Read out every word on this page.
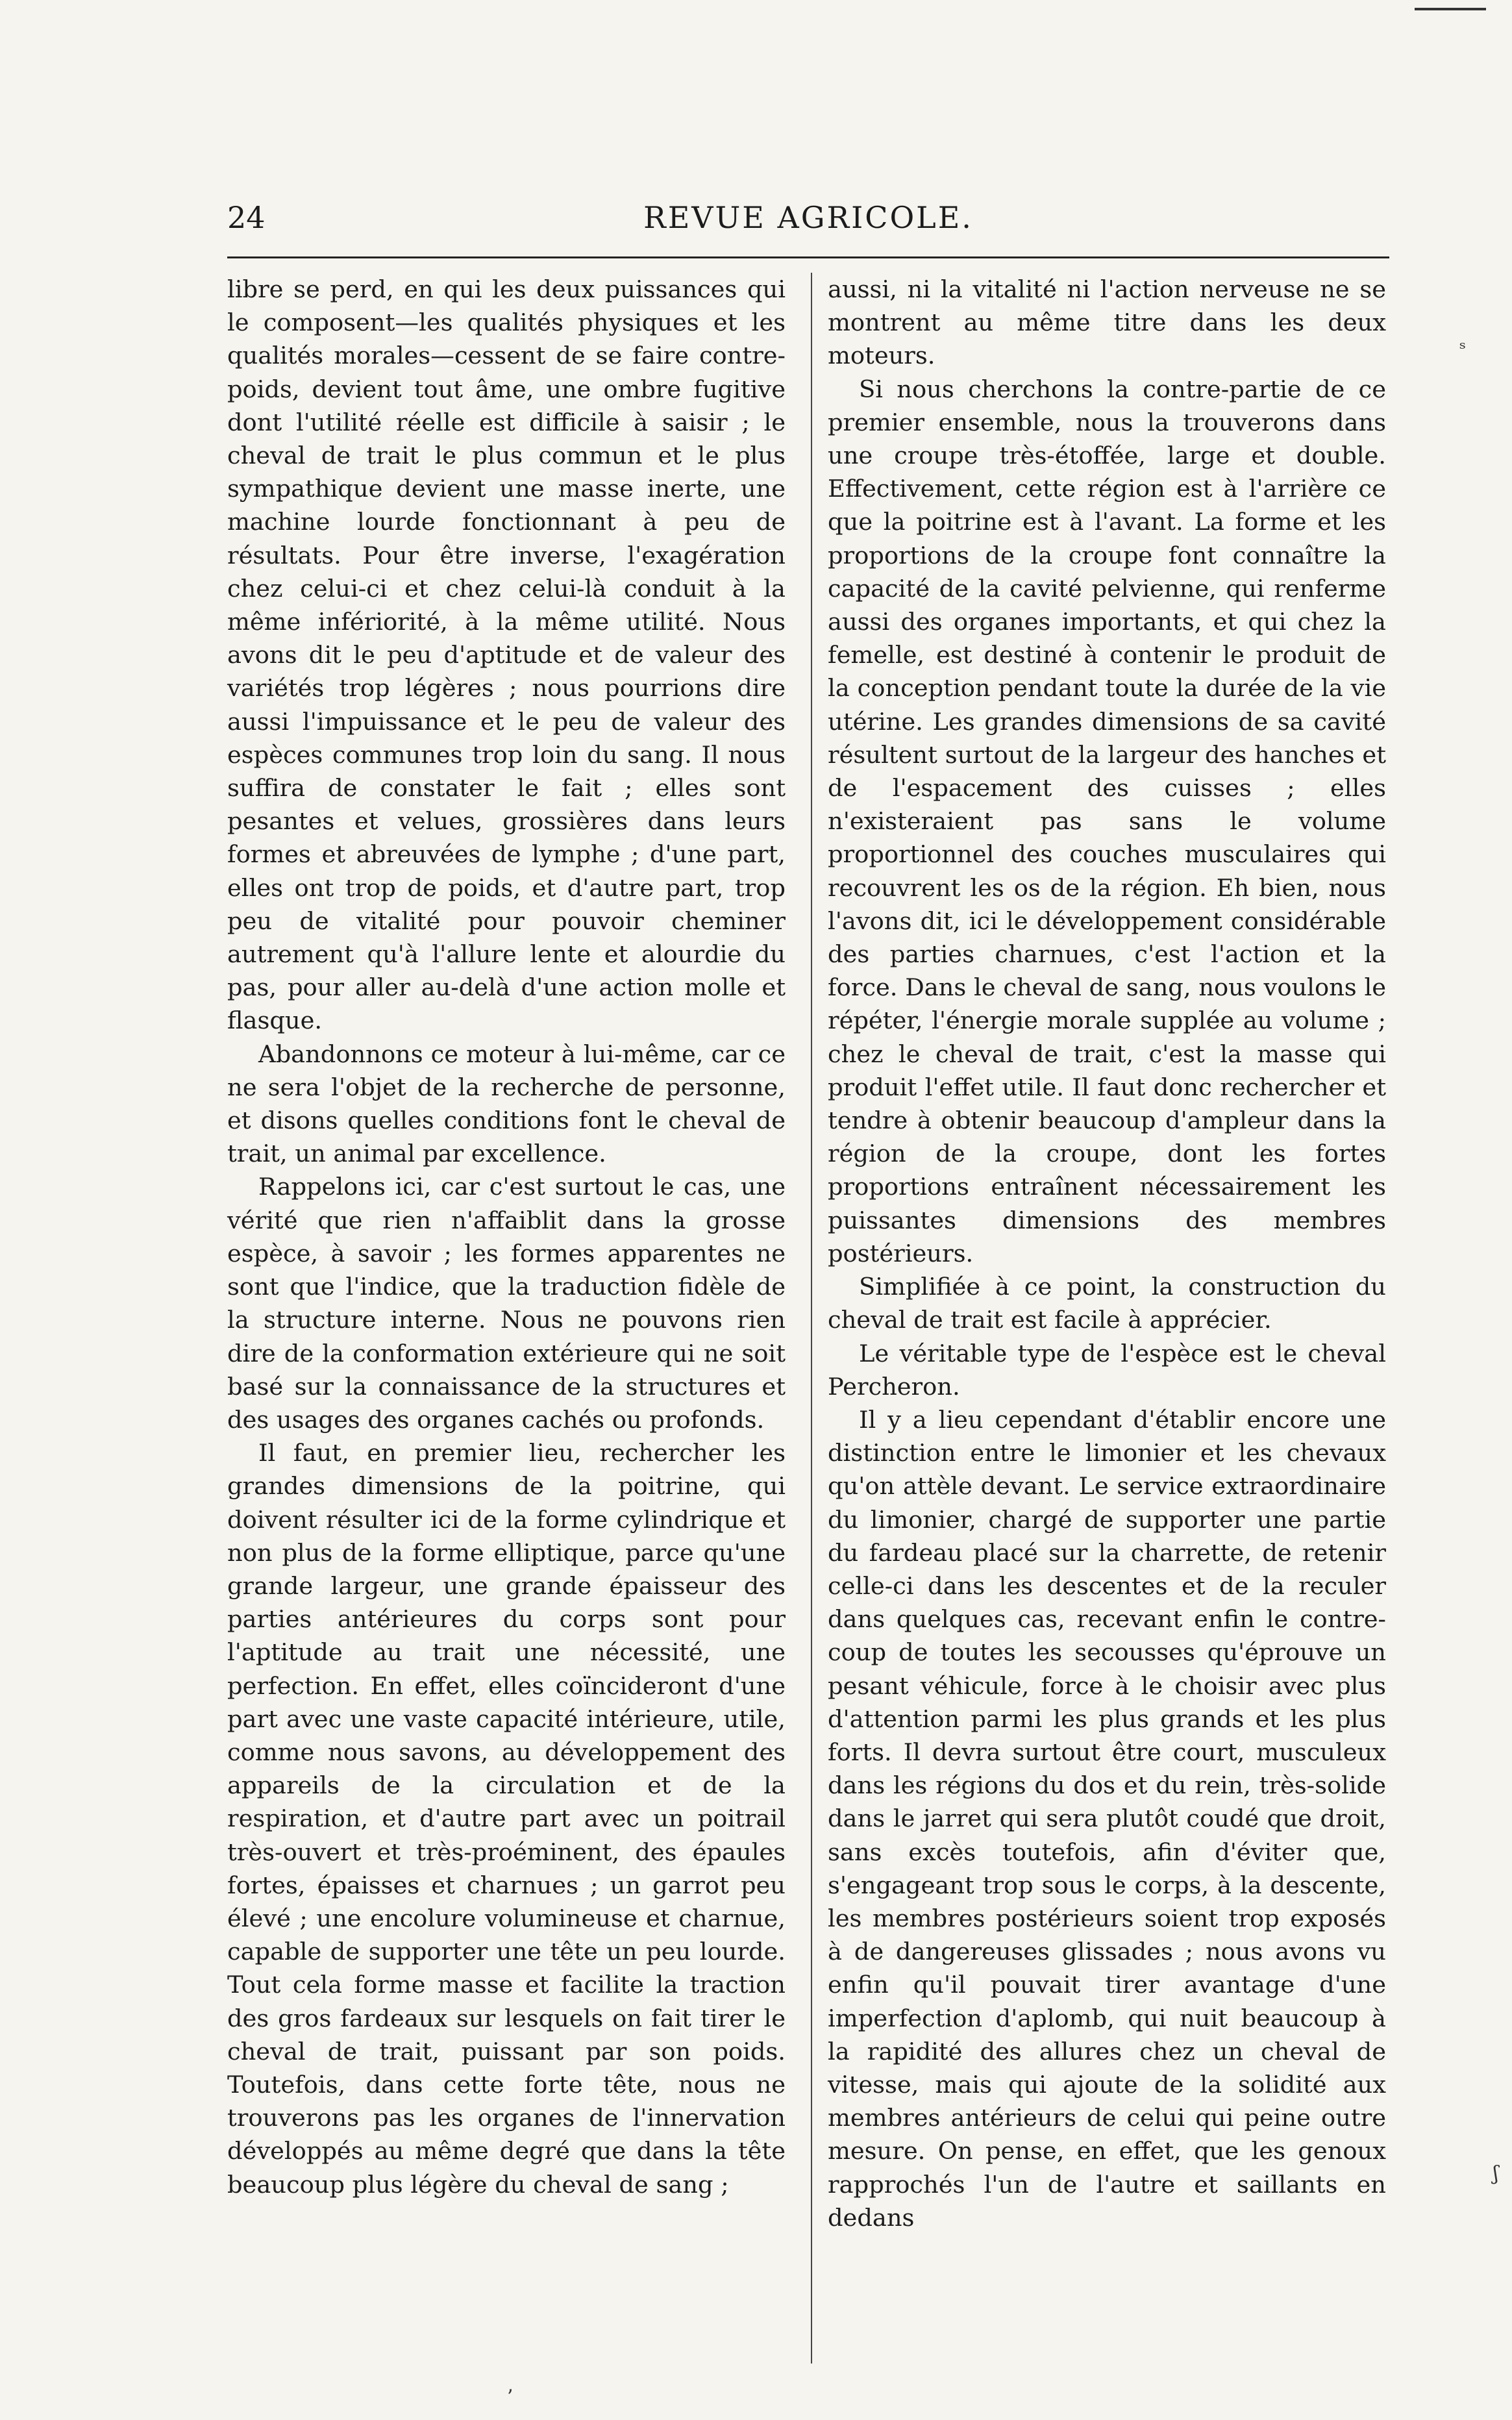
24	REVUE AGRICOLE.

libre se perd, en qui les deux puissances qui le composent—les qualités physiques et les qualités morales—cessent de se faire contre-poids, devient tout âme, une ombre fugitive dont l'utilité réelle est difficile à saisir ; le cheval de trait le plus commun et le plus sympathique devient une masse inerte, une machine lourde fonctionnant à peu de résultats. Pour être inverse, l'exagération chez celui-ci et chez celui-là conduit à la même infériorité, à la même utilité. Nous avons dit le peu d'aptitude et de valeur des variétés trop légères ; nous pourrions dire aussi l'impuissance et le peu de valeur des espèces communes trop loin du sang. Il nous suffira de constater le fait ; elles sont pesantes et velues, grossières dans leurs formes et abreuvées de lymphe ; d'une part, elles ont trop de poids, et d'autre part, trop peu de vitalité pour pouvoir cheminer autrement qu'à l'allure lente et alourdie du pas, pour aller au-delà d'une action molle et flasque.

Abandonnons ce moteur à lui-même, car ce ne sera l'objet de la recherche de personne, et disons quelles conditions font le cheval de trait, un animal par excellence.

Rappelons ici, car c'est surtout le cas, une vérité que rien n'affaiblit dans la grosse espèce, à savoir ; les formes apparentes ne sont que l'indice, que la traduction fidèle de la structure interne. Nous ne pouvons rien dire de la conformation extérieure qui ne soit basé sur la connaissance de la structures et des usages des organes cachés ou profonds.

Il faut, en premier lieu, rechercher les grandes dimensions de la poitrine, qui doivent résulter ici de la forme cylindrique et non plus de la forme elliptique, parce qu'une grande largeur, une grande épaisseur des parties antérieures du corps sont pour l'aptitude au trait une nécessité, une perfection. En effet, elles coïncideront d'une part avec une vaste capacité intérieure, utile, comme nous savons, au développement des appareils de la circulation et de la respiration, et d'autre part avec un poitrail très-ouvert et très-proéminent, des épaules fortes, épaisses et charnues ; un garrot peu élevé ; une encolure volumineuse et charnue, capable de supporter une tête un peu lourde. Tout cela forme masse et facilite la traction des gros fardeaux sur lesquels on fait tirer le cheval de trait, puissant par son poids. Toutefois, dans cette forte tête, nous ne trouverons pas les organes de l'innervation développés au même degré que dans la tête beaucoup plus légère du cheval de sang ;

aussi, ni la vitalité ni l'action nerveuse ne se montrent au même titre dans les deux moteurs.

Si nous cherchons la contre-partie de ce premier ensemble, nous la trouverons dans une croupe très-étoffée, large et double. Effectivement, cette région est à l'arrière ce que la poitrine est à l'avant. La forme et les proportions de la croupe font connaître la capacité de la cavité pelvienne, qui renferme aussi des organes importants, et qui chez la femelle, est destiné à contenir le produit de la conception pendant toute la durée de la vie utérine. Les grandes dimensions de sa cavité résultent surtout de la largeur des hanches et de l'espacement des cuisses ; elles n'existeraient pas sans le volume proportionnel des couches musculaires qui recouvrent les os de la région. Eh bien, nous l'avons dit, ici le développement considérable des parties charnues, c'est l'action et la force. Dans le cheval de sang, nous voulons le répéter, l'énergie morale supplée au volume ; chez le cheval de trait, c'est la masse qui produit l'effet utile. Il faut donc rechercher et tendre à obtenir beaucoup d'ampleur dans la région de la croupe, dont les fortes proportions entraînent nécessairement les puissantes dimensions des membres postérieurs.

Simplifiée à ce point, la construction du cheval de trait est facile à apprécier.

Le véritable type de l'espèce est le cheval Percheron.

Il y a lieu cependant d'établir encore une distinction entre le limonier et les chevaux qu'on attèle devant. Le service extraordinaire du limonier, chargé de supporter une partie du fardeau placé sur la charrette, de retenir celle-ci dans les descentes et de la reculer dans quelques cas, recevant enfin le contre-coup de toutes les secousses qu'éprouve un pesant véhicule, force à le choisir avec plus d'attention parmi les plus grands et les plus forts. Il devra surtout être court, musculeux dans les régions du dos et du rein, très-solide dans le jarret qui sera plutôt coudé que droit, sans excès toutefois, afin d'éviter que, s'engageant trop sous le corps, à la descente, les membres postérieurs soient trop exposés à de dangereuses glissades ; nous avons vu enfin qu'il pouvait tirer avantage d'une imperfection d'aplomb, qui nuit beaucoup à la rapidité des allures chez un cheval de vitesse, mais qui ajoute de la solidité aux membres antérieurs de celui qui peine outre mesure. On pense, en effet, que les genoux rapprochés l'un de l'autre et saillants en dedans

ˢ
ʃ
ʼ
